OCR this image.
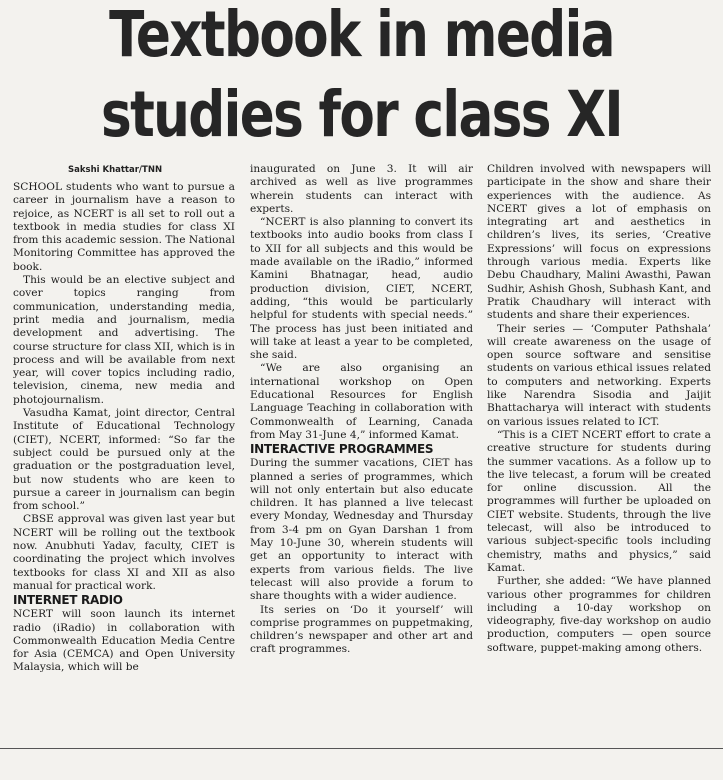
Textbook in media
studies for class XI
Sakshi Khattar/TNN

SCHOOL students who want to pursue a career in journalism have a reason to rejoice, as NCERT is all set to roll out a textbook in media studies for class XI from this academic session. The National Monitoring Committee has approved the book.

This would be an elective subject and cover topics ranging from communication, understanding media, print media and journalism, media development and advertising. The course structure for class XII, which is in process and will be available from next year, will cover topics including radio, television, cinema, new media and photojournalism.

Vasudha Kamat, joint director, Central Institute of Educational Technology (CIET), NCERT, informed: “So far the subject could be pursued only at the graduation or the postgraduation level, but now students who are keen to pursue a career in journalism can begin from school.”

CBSE approval was given last year but NCERT will be rolling out the textbook now. Anubhuti Yadav, faculty, CIET is coordinating the project which involves textbooks for class XI and XII as also manual for practical work.

INTERNET RADIO

NCERT will soon launch its internet radio (iRadio) in collaboration with Commonwealth Education Media Centre for Asia (CEMCA) and Open University Malaysia, which will be

inaugurated on June 3. It will air archived as well as live programmes wherein students can interact with experts.

“NCERT is also planning to convert its textbooks into audio books from class I to XII for all subjects and this would be made available on the iRadio,” informed Kamini Bhatnagar, head, audio production division, CIET, NCERT, adding, “this would be particularly helpful for students with special needs.” The process has just been initiated and will take at least a year to be completed, she said.

“We are also organising an international workshop on Open Educational Resources for English Language Teaching in collaboration with Commonwealth of Learning, Canada from May 31-June 4,” informed Kamat.

INTERACTIVE PROGRAMMES

During the summer vacations, CIET has planned a series of programmes, which will not only entertain but also educate children. It has planned a live telecast every Monday, Wednesday and Thursday from 3-4 pm on Gyan Darshan 1 from May 10-June 30, wherein students will get an opportunity to interact with experts from various fields. The live telecast will also provide a forum to share thoughts with a wider audience.

Its series on ‘Do it yourself’ will comprise programmes on puppetmaking, children’s newspaper and other art and craft programmes.

Children involved with newspapers will participate in the show and share their experiences with the audience. As NCERT gives a lot of emphasis on integrating art and aesthetics in children’s lives, its series, ‘Creative Expressions’ will focus on expressions through various media. Experts like Debu Chaudhary, Malini Awasthi, Pawan Sudhir, Ashish Ghosh, Subhash Kant, and Pratik Chaudhary will interact with students and share their experiences.

Their series — ‘Computer Pathshala’ will create awareness on the usage of open source software and sensitise students on various ethical issues related to computers and networking. Experts like Narendra Sisodia and Jaijit Bhattacharya will interact with students on various issues related to ICT.

“This is a CIET NCERT effort to crate a creative structure for students during the summer vacations. As a follow up to the live telecast, a forum will be created for online discussion. All the programmes will further be uploaded on CIET website. Students, through the live telecast, will also be introduced to various subject-specific tools including chemistry, maths and physics,” said Kamat.

Further, she added: “We have planned various other programmes for children including a 10-day workshop on videography, five-day workshop on audio production, computers — open source software, puppet-making among others.
